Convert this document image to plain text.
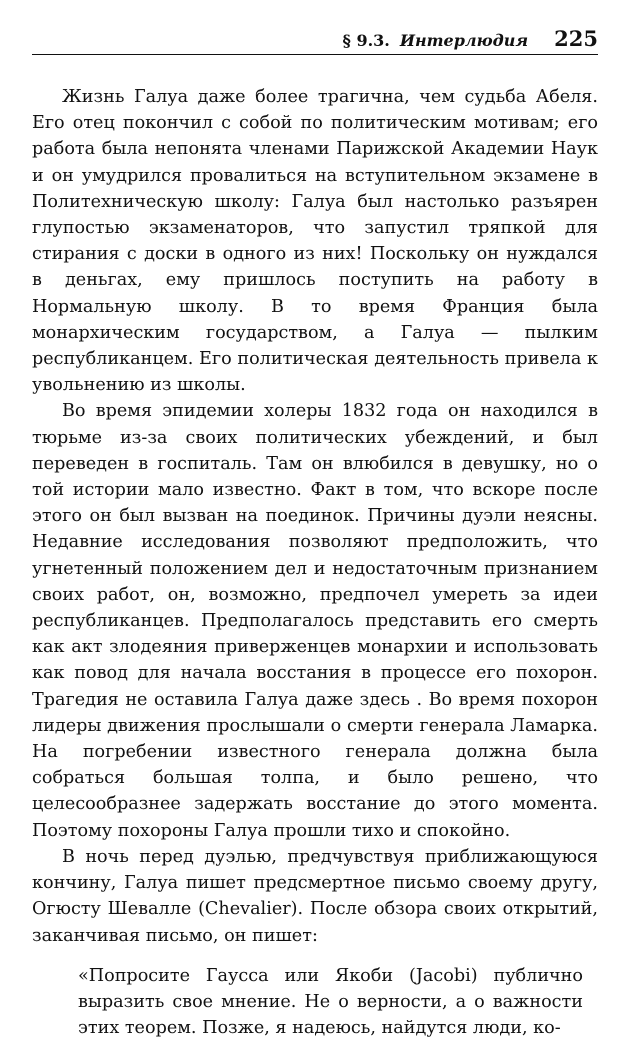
§ 9.3. Интерлюдия 225

Жизнь Галуа даже более трагична, чем судьба Абеля. Его отец покончил с собой по политическим мотивам; его работа была непонята членами Парижской Академии Наук и он умудрился провалиться на вступительном экзамене в Политехническую школу: Галуа был настолько разъярен глупостью экзаменаторов, что запустил тряпкой для стирания с доски в одного из них! Поскольку он нуждался в деньгах, ему пришлось поступить на работу в Нормальную школу. В то время Франция была монархическим государством, а Галуа — пылким республиканцем. Его политическая деятельность привела к увольнению из школы.

Во время эпидемии холеры 1832 года он находился в тюрьме из-за своих политических убеждений, и был переведен в госпиталь. Там он влюбился в девушку, но о той истории мало известно. Факт в том, что вскоре после этого он был вызван на поединок. Причины дуэли неясны. Недавние исследования позволяют предположить, что угнетенный положением дел и недостаточным признанием своих работ, он, возможно, предпочел умереть за идеи республиканцев. Предполагалось представить его смерть как акт злодеяния приверженцев монархии и использовать как повод для начала восстания в процессе его похорон. Трагедия не оставила Галуа даже здесь . Во время похорон лидеры движения прослышали о смерти генерала Ламарка. На погребении известного генерала должна была собраться большая толпа, и было решено, что целесообразнее задержать восстание до этого момента. Поэтому похороны Галуа прошли тихо и спокойно.

В ночь перед дуэлью, предчувствуя приближающуюся кончину, Галуа пишет предсмертное письмо своему другу, Огюсту Шевалле (Chevalier). После обзора своих открытий, заканчивая письмо, он пишет:

«Попросите Гаусса или Якоби (Jacobi) публично выразить свое мнение. Не о верности, а о важности этих теорем. Позже, я надеюсь, найдутся люди, ко-
